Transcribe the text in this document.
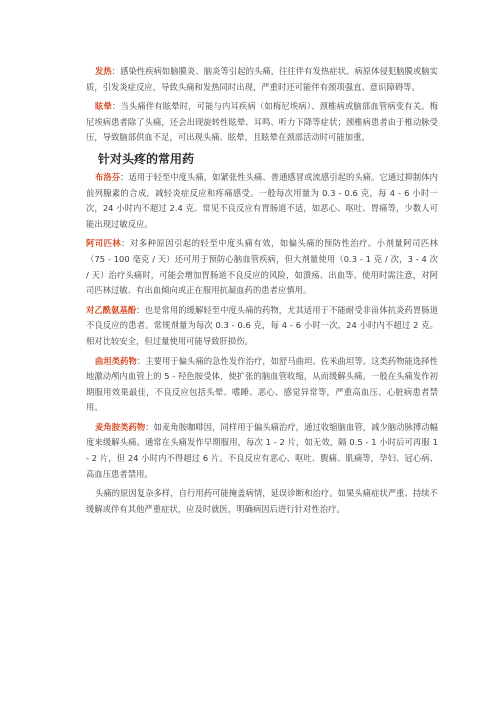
发热：感染性疾病如脑膜炎、脑炎等引起的头痛，往往伴有发热症状。病原体侵犯脑膜或脑实质，引发炎症反应，导致头痛和发热同时出现，严重时还可能伴有颈项强直、意识障碍等。

眩晕：当头痛伴有眩晕时，可能与内耳疾病（如梅尼埃病）、颈椎病或脑部血管病变有关。梅尼埃病患者除了头痛，还会出现旋转性眩晕、耳鸣、听力下降等症状；颈椎病患者由于椎动脉受压，导致脑部供血不足，可出现头痛、眩晕，且眩晕在颈部活动时可能加重。

针对头疼的常用药

布洛芬：适用于轻至中度头痛，如紧张性头痛、普通感冒或流感引起的头痛。它通过抑制体内前列腺素的合成，减轻炎症反应和疼痛感受。一般每次用量为 0.3 - 0.6 克，每 4 - 6 小时一次，24 小时内不超过 2.4 克。常见不良反应有胃肠道不适，如恶心、呕吐、胃痛等，少数人可能出现过敏反应。

阿司匹林：对多种原因引起的轻至中度头痛有效，如偏头痛的预防性治疗。小剂量阿司匹林（75 - 100 毫克 / 天）还可用于预防心脑血管疾病，但大剂量使用（0.3 - 1 克 / 次，3 - 4 次 / 天）治疗头痛时，可能会增加胃肠道不良反应的风险，如溃疡、出血等。使用时需注意，对阿司匹林过敏、有出血倾向或正在服用抗凝血药的患者应慎用。

对乙酰氨基酚：也是常用的缓解轻至中度头痛的药物，尤其适用于不能耐受非甾体抗炎药胃肠道不良反应的患者。常规剂量为每次 0.3 - 0.6 克，每 4 - 6 小时一次，24 小时内不超过 2 克。相对比较安全，但过量使用可能导致肝损伤。

曲坦类药物：主要用于偏头痛的急性发作治疗，如舒马曲坦、佐米曲坦等。这类药物能选择性地激动颅内血管上的 5 - 羟色胺受体，使扩张的脑血管收缩，从而缓解头痛。一般在头痛发作初期服用效果最佳，不良反应包括头晕、嗜睡、恶心、感觉异常等，严重高血压、心脏病患者禁用。

麦角胺类药物：如麦角胺咖啡因，同样用于偏头痛治疗，通过收缩脑血管，减少脑动脉搏动幅度来缓解头痛。通常在头痛发作早期服用，每次 1 - 2 片，如无效，隔 0.5 - 1 小时后可再服 1 - 2 片，但 24 小时内不得超过 6 片。不良反应有恶心、呕吐、腹痛、肌痛等，孕妇、冠心病、高血压患者禁用。

头痛的原因复杂多样，自行用药可能掩盖病情，延误诊断和治疗。如果头痛症状严重、持续不缓解或伴有其他严重症状，应及时就医，明确病因后进行针对性治疗。
